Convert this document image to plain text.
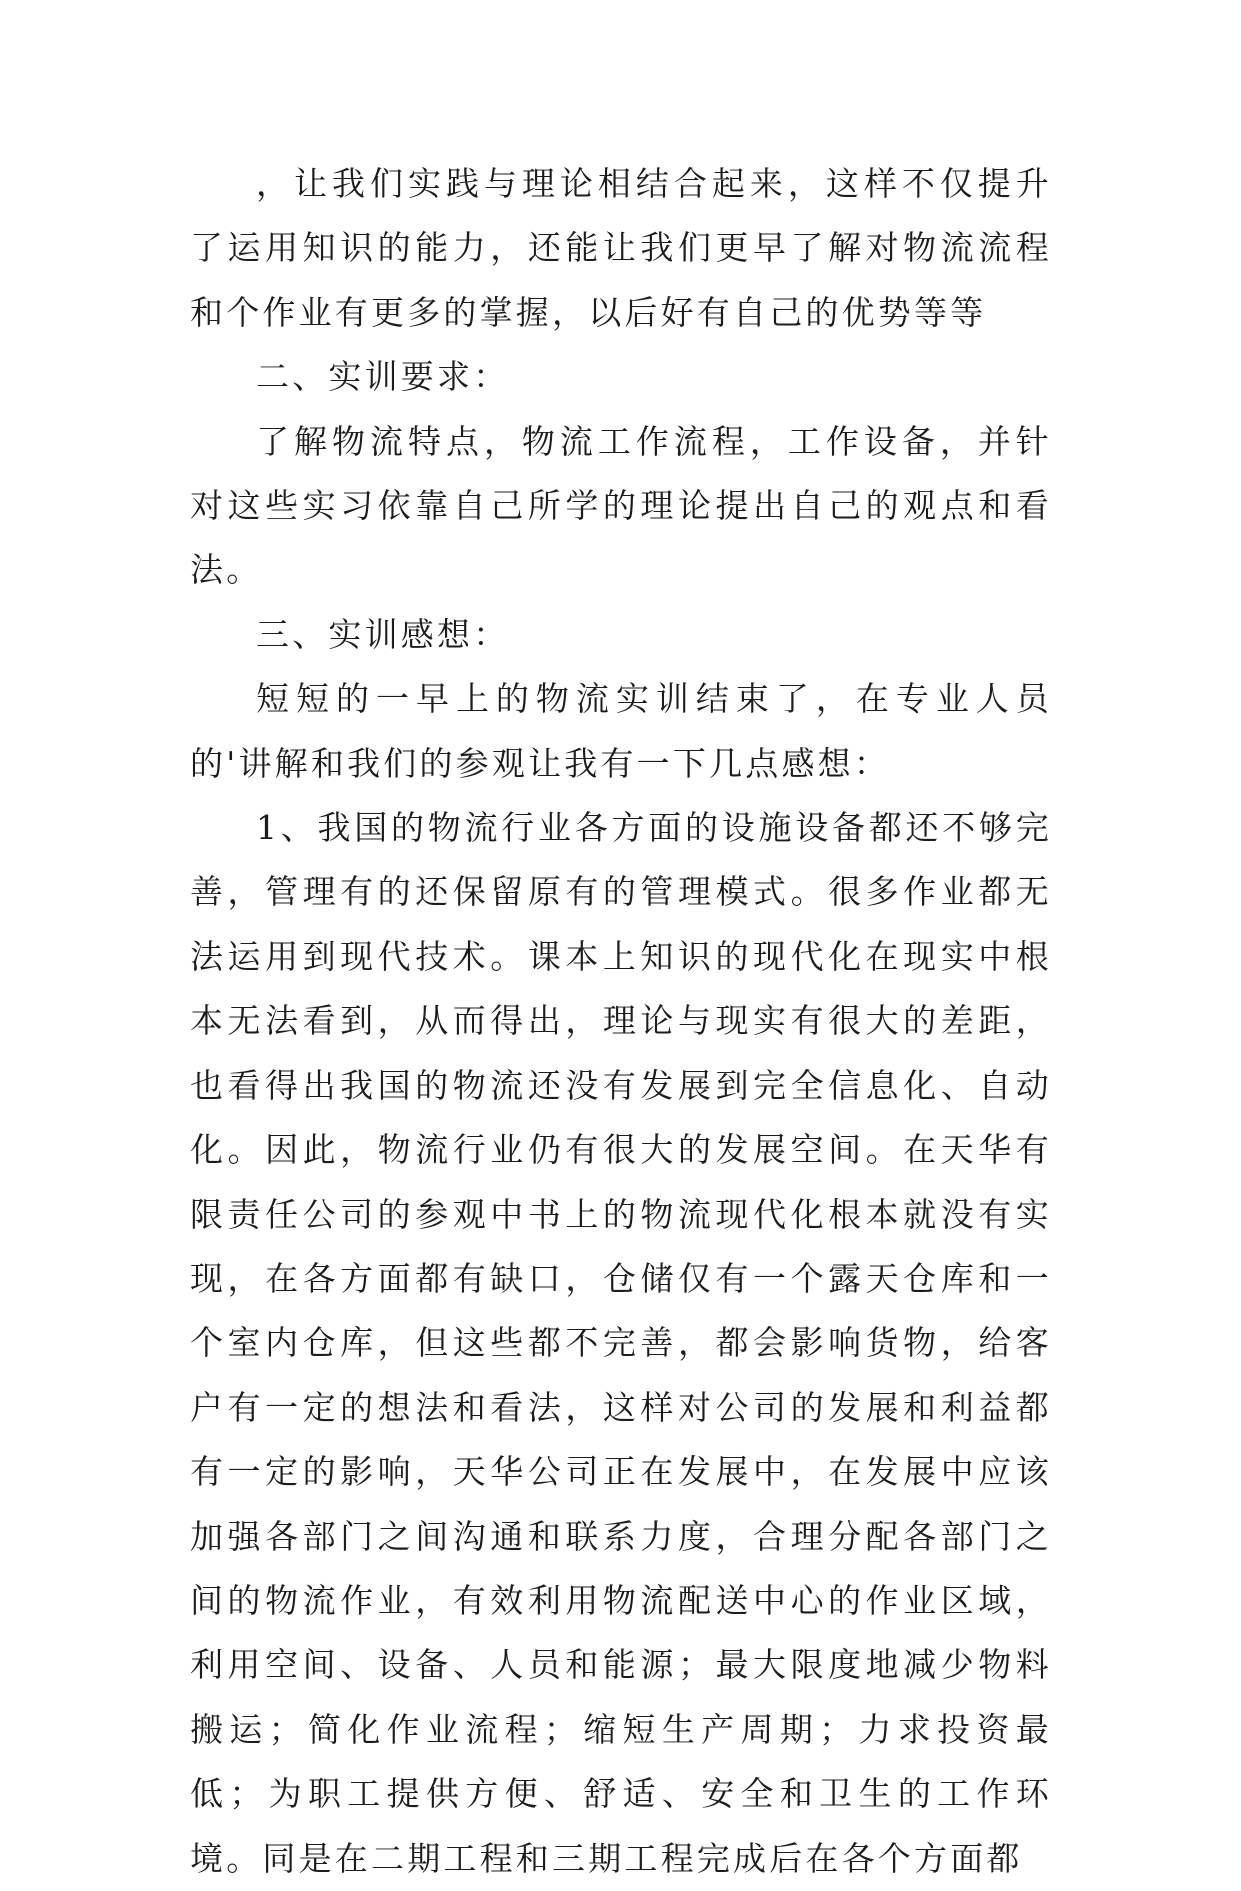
，让我们实践与理论相结合起来，这样不仅提升了运用知识的能力，还能让我们更早了解对物流流程和个作业有更多的掌握，以后好有自己的优势等等

二、实训要求：

了解物流特点，物流工作流程，工作设备，并针对这些实习依靠自己所学的理论提出自己的观点和看法。

三、实训感想：

短短的一早上的物流实训结束了，在专业人员的'讲解和我们的参观让我有一下几点感想：

1、我国的物流行业各方面的设施设备都还不够完善，管理有的还保留原有的管理模式。很多作业都无法运用到现代技术。课本上知识的现代化在现实中根本无法看到，从而得出，理论与现实有很大的差距，也看得出我国的物流还没有发展到完全信息化、自动化。因此，物流行业仍有很大的发展空间。在天华有限责任公司的参观中书上的物流现代化根本就没有实现，在各方面都有缺口，仓储仅有一个露天仓库和一个室内仓库，但这些都不完善，都会影响货物，给客户有一定的想法和看法，这样对公司的发展和利益都有一定的影响，天华公司正在发展中，在发展中应该加强各部门之间沟通和联系力度，合理分配各部门之间的物流作业，有效利用物流配送中心的作业区域，利用空间、设备、人员和能源；最大限度地减少物料搬运；简化作业流程；缩短生产周期；力求投资最低；为职工提供方便、舒适、安全和卫生的工作环境。同是在二期工程和三期工程完成后在各个方面都
